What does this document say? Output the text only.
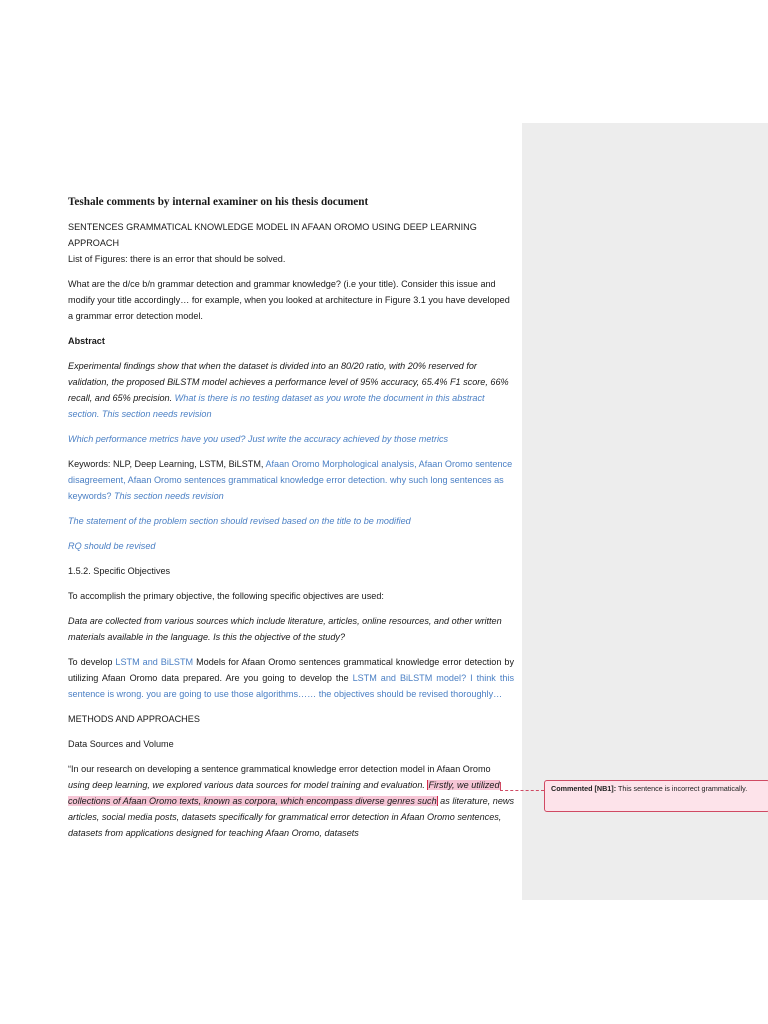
Teshale comments by internal examiner on his thesis document

SENTENCES GRAMMATICAL KNOWLEDGE MODEL IN AFAAN OROMO USING DEEP LEARNING APPROACH

List of Figures: there is an error that should be solved.

What are the d/ce b/n grammar detection and grammar knowledge? (i.e your title). Consider this issue and modify your title accordingly… for example, when you looked at architecture in Figure 3.1 you have developed a grammar error detection model.

Abstract

Experimental findings show that when the dataset is divided into an 80/20 ratio, with 20% reserved for validation, the proposed BiLSTM model achieves a performance level of 95% accuracy, 65.4% F1 score, 66% recall, and 65% precision. What is there is no testing dataset as you wrote the document in this abstract section. This section needs revision

Which performance metrics have you used? Just write the accuracy achieved by those metrics

Keywords: NLP, Deep Learning, LSTM, BiLSTM, Afaan Oromo Morphological analysis, Afaan Oromo sentence disagreement, Afaan Oromo sentences grammatical knowledge error detection. why such long sentences as keywords? This section needs revision

The statement of the problem section should revised based on the title to be modified

RQ should be revised

1.5.2. Specific Objectives

To accomplish the primary objective, the following specific objectives are used:

Data are collected from various sources which include literature, articles, online resources, and other written materials available in the language. Is this the objective of the study?

To develop LSTM and BiLSTM Models for Afaan Oromo sentences grammatical knowledge error detection by utilizing Afaan Oromo data prepared. Are you going to develop the LSTM and BiLSTM model? I think this sentence is wrong. you are going to use those algorithms…… the objectives should be revised thoroughly…

METHODS AND APPROACHES

Data Sources and Volume

“In our research on developing a sentence grammatical knowledge error detection model in Afaan Oromo using deep learning, we explored various data sources for model training and evaluation. Firstly, we utilized collections of Afaan Oromo texts, known as corpora, which encompass diverse genres such as literature, news articles, social media posts, datasets specifically for grammatical error detection in Afaan Oromo sentences, datasets from applications designed for teaching Afaan Oromo, datasets

Commented [NB1]: This sentence is incorrect grammatically.
